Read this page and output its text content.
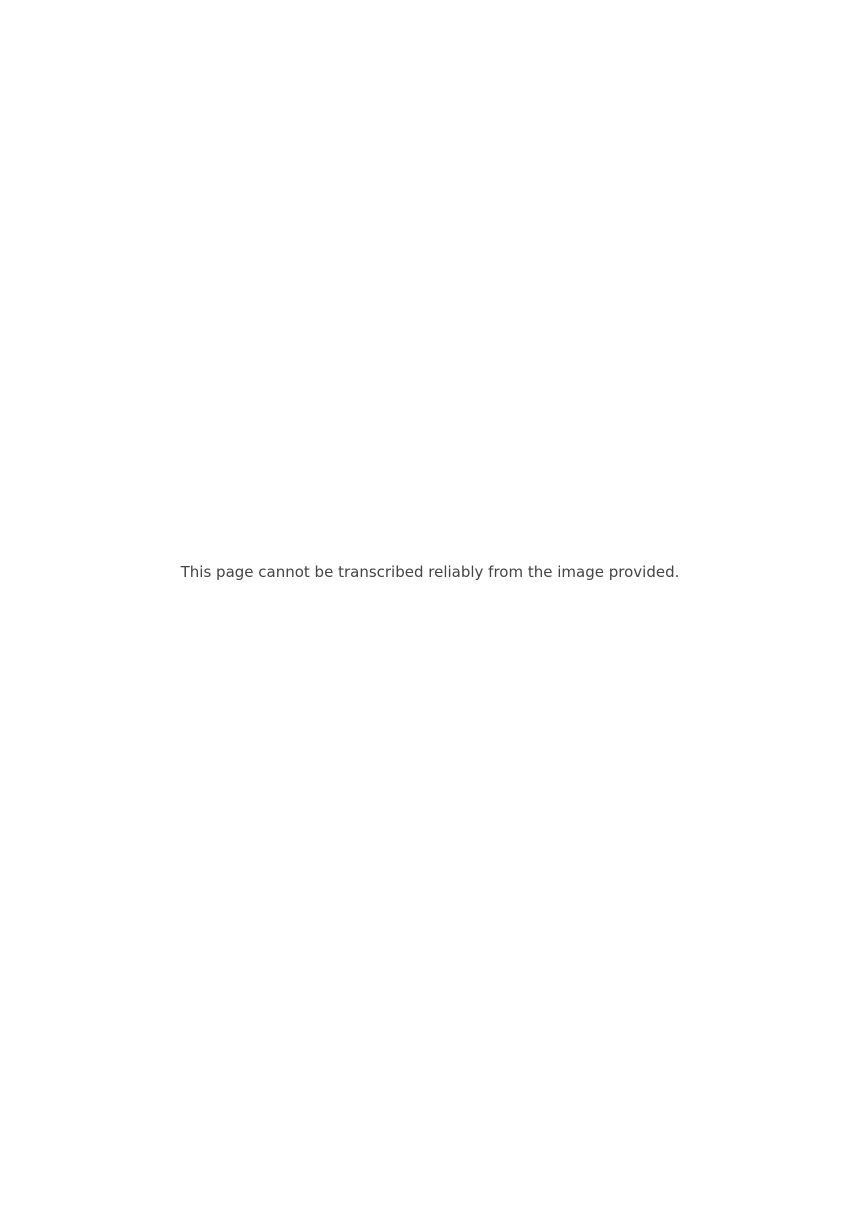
This page cannot be transcribed reliably from the image provided.
